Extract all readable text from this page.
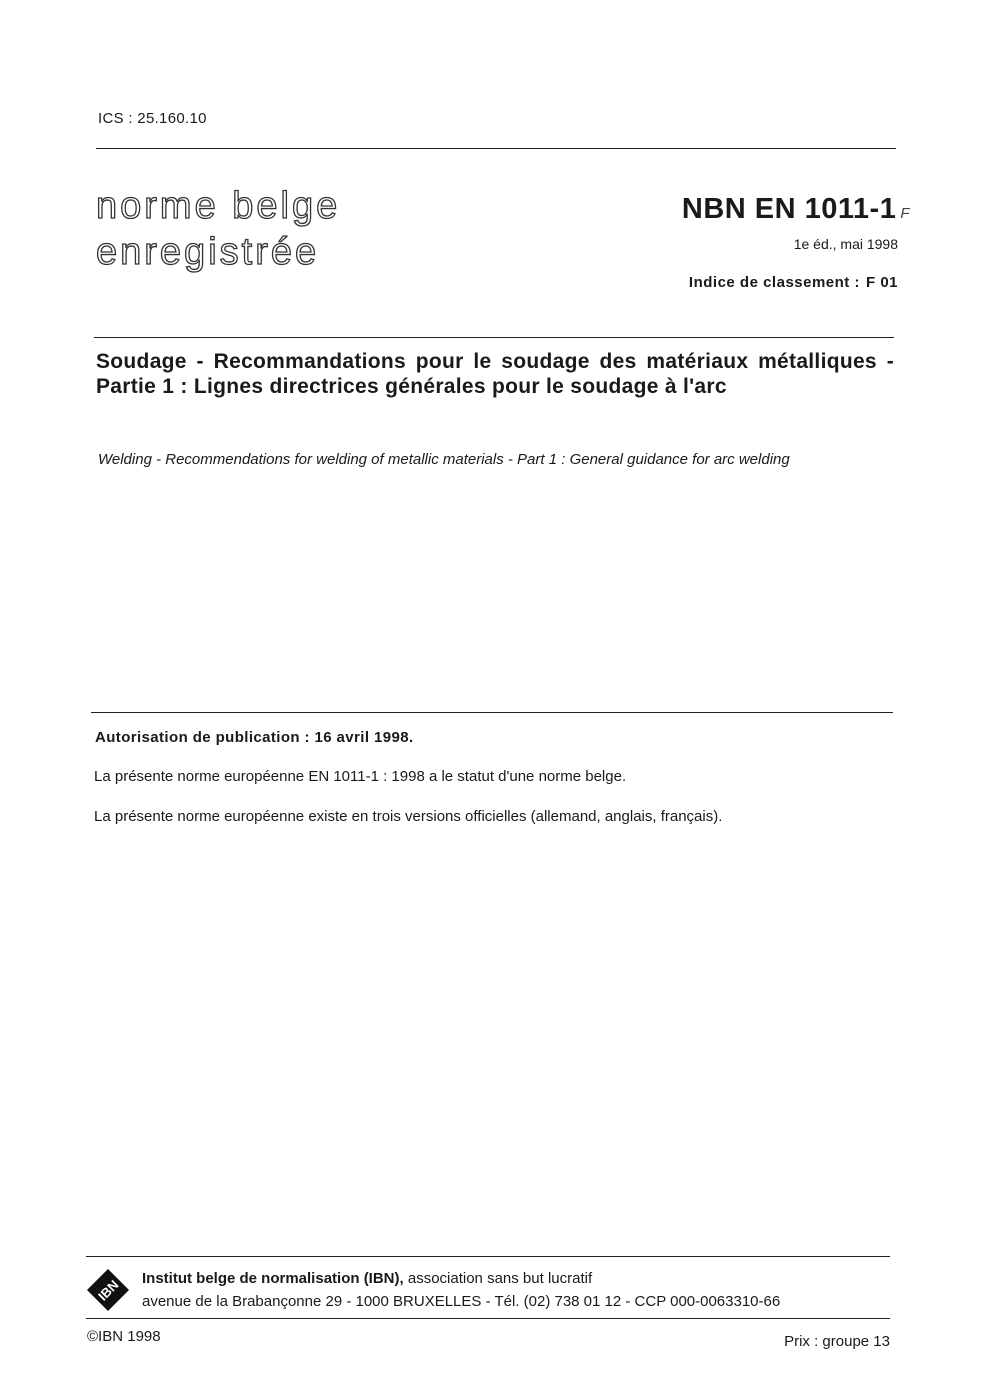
ICS : 25.160.10
norme belge
enregistrée
NBN EN 1011-1 F
1e éd., mai 1998
Indice de classement : F 01
Soudage - Recommandations pour le soudage des matériaux métalliques - Partie 1 : Lignes directrices générales pour le soudage à l'arc
Welding - Recommendations for welding of metallic materials - Part 1 : General guidance for arc welding
Autorisation de publication : 16 avril 1998.
La présente norme européenne EN 1011-1 : 1998 a le statut d'une norme belge.
La présente norme européenne existe en trois versions officielles (allemand, anglais, français).
IBN Institut belge de normalisation (IBN), association sans but lucratif
avenue de la Brabançonne 29 - 1000 BRUXELLES - Tél. (02) 738 01 12 - CCP 000-0063310-66
©IBN 1998	Prix : groupe 13
